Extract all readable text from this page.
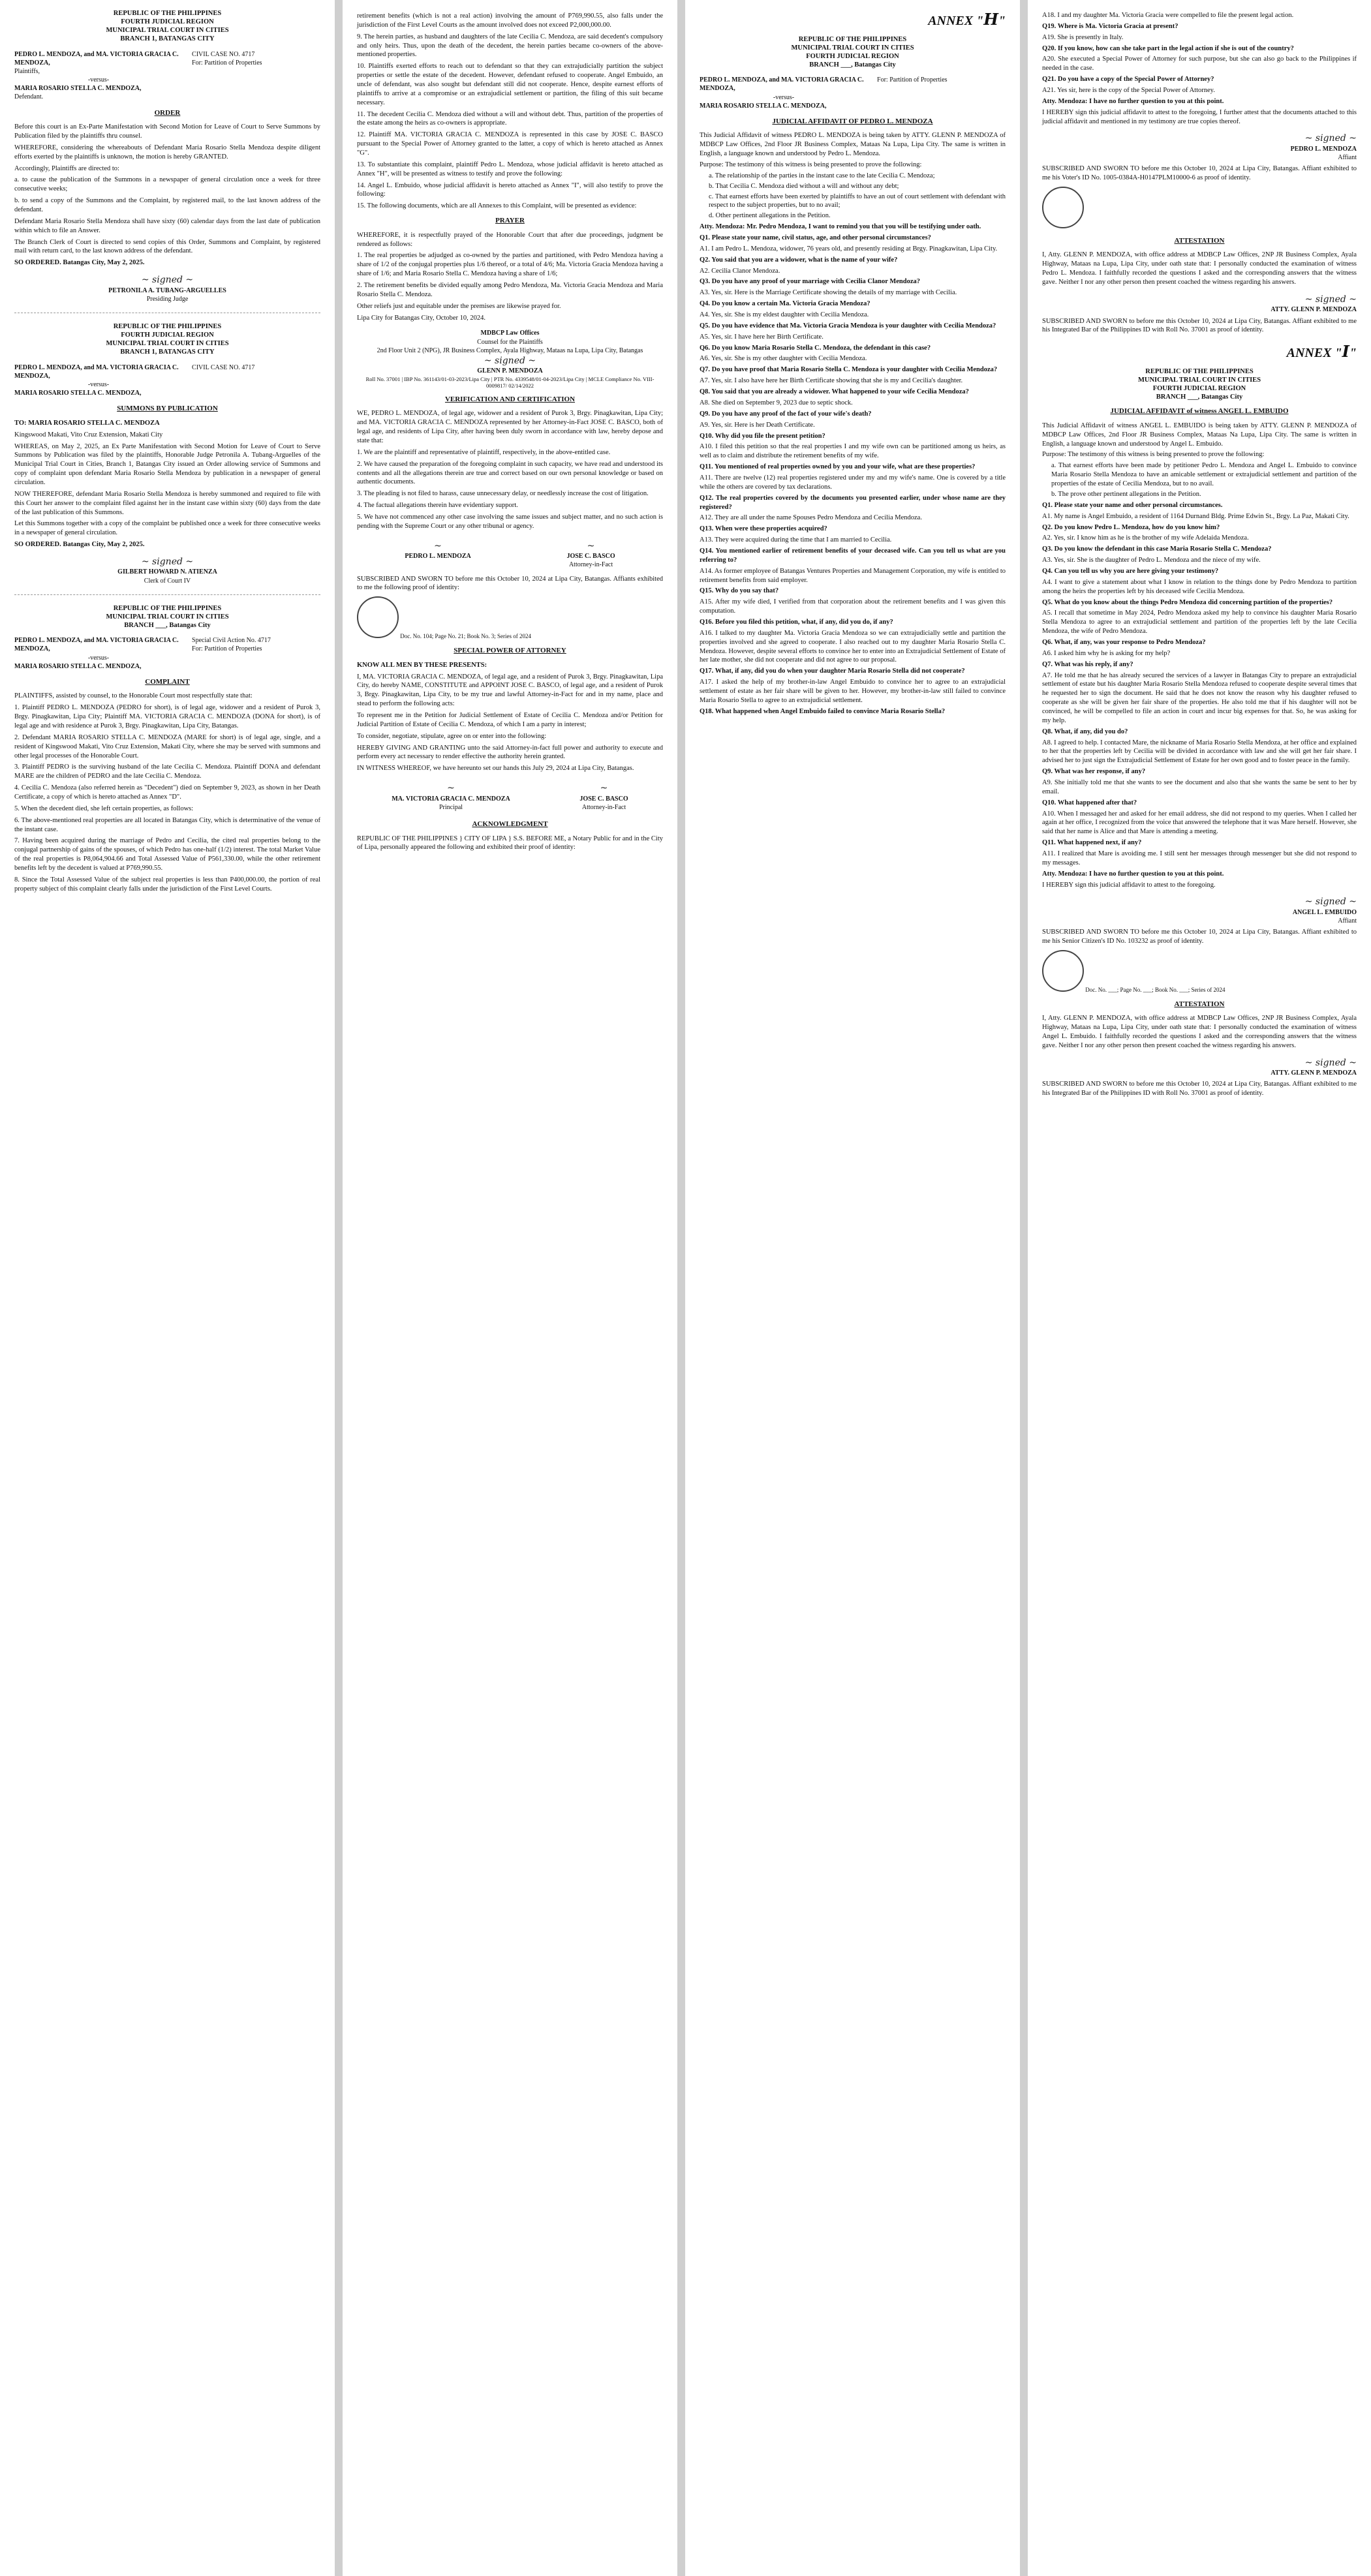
REPUBLIC OF THE PHILIPPINES
FOURTH JUDICIAL REGION
MUNICIPAL TRIAL COURT IN CITIES
BRANCH 1, BATANGAS CITY
PEDRO L. MENDOZA, and MA. VICTORIA GRACIA C. MENDOZA,
Plaintiffs,
-versus-
MARIA ROSARIO STELLA C. MENDOZA,
Defendant.
CIVIL CASE NO. 4717
For: Partition of Properties
ORDER

Before this court is an Ex-Parte Manifestation with Second Motion for Leave of Court to Serve Summons by Publication filed by the plaintiffs thru counsel.

WHEREFORE, considering the whereabouts of Defendant Maria Rosario Stella Mendoza despite diligent efforts exerted by the plaintiffs is unknown, the motion is hereby GRANTED.

Accordingly, Plaintiffs are directed to:

a. to cause the publication of the Summons in a newspaper of general circulation once a week for three consecutive weeks;

b. to send a copy of the Summons and the Complaint, by registered mail, to the last known address of the defendant.

Defendant Maria Rosario Stella Mendoza shall have sixty (60) calendar days from the last date of publication within which to file an Answer.

The Branch Clerk of Court is directed to send copies of this Order, Summons and Complaint, by registered mail with return card, to the last known address of the defendant.

SO ORDERED. Batangas City, May 2, 2025.

~ signed ~
PETRONILA A. TUBANG-ARGUELLES
Presiding Judge
REPUBLIC OF THE PHILIPPINES
FOURTH JUDICIAL REGION
MUNICIPAL TRIAL COURT IN CITIES
BRANCH 1, BATANGAS CITY
PEDRO L. MENDOZA, and MA. VICTORIA GRACIA C. MENDOZA,
-versus-
MARIA ROSARIO STELLA C. MENDOZA,
CIVIL CASE NO. 4717
SUMMONS BY PUBLICATION

TO: MARIA ROSARIO STELLA C. MENDOZA

Kingswood Makati, Vito Cruz Extension, Makati City

WHEREAS, on May 2, 2025, an Ex Parte Manifestation with Second Motion for Leave of Court to Serve Summons by Publication was filed by the plaintiffs, Honorable Judge Petronila A. Tubang-Arguelles of the Municipal Trial Court in Cities, Branch 1, Batangas City issued an Order allowing service of Summons and copy of complaint upon defendant Maria Rosario Stella Mendoza by publication in a newspaper of general circulation.

NOW THEREFORE, defendant Maria Rosario Stella Mendoza is hereby summoned and required to file with this Court her answer to the complaint filed against her in the instant case within sixty (60) days from the date of the last publication of this Summons.

Let this Summons together with a copy of the complaint be published once a week for three consecutive weeks in a newspaper of general circulation.

SO ORDERED. Batangas City, May 2, 2025.

~ signed ~
GILBERT HOWARD N. ATIENZA
Clerk of Court IV
REPUBLIC OF THE PHILIPPINES
MUNICIPAL TRIAL COURT IN CITIES
BRANCH ___, Batangas City
PEDRO L. MENDOZA, and MA. VICTORIA GRACIA C. MENDOZA,
-versus-
MARIA ROSARIO STELLA C. MENDOZA,
Special Civil Action No. 4717
For: Partition of Properties
COMPLAINT

PLAINTIFFS, assisted by counsel, to the Honorable Court most respectfully state that:

1. Plaintiff PEDRO L. MENDOZA (PEDRO for short), is of legal age, widower and a resident of Purok 3, Brgy. Pinagkawitan, Lipa City; Plaintiff MA. VICTORIA GRACIA C. MENDOZA (DONA for short), is of legal age and with residence at Purok 3, Brgy. Pinagkawitan, Lipa City, Batangas.

2. Defendant MARIA ROSARIO STELLA C. MENDOZA (MARE for short) is of legal age, single, and a resident of Kingswood Makati, Vito Cruz Extension, Makati City, where she may be served with summons and other legal processes of the Honorable Court.

3. Plaintiff PEDRO is the surviving husband of the late Cecilia C. Mendoza. Plaintiff DONA and defendant MARE are the children of PEDRO and the late Cecilia C. Mendoza.

4. Cecilia C. Mendoza (also referred herein as "Decedent") died on September 9, 2023, as shown in her Death Certificate, a copy of which is hereto attached as Annex "D".

5. When the decedent died, she left certain properties, as follows:

6. The above-mentioned real properties are all located in Batangas City, which is determinative of the venue of the instant case.

7. Having been acquired during the marriage of Pedro and Cecilia, the cited real properties belong to the conjugal partnership of gains of the spouses, of which Pedro has one-half (1/2) interest. The total Market Value of the real properties is P8,064,904.66 and Total Assessed Value of P561,330.00, while the other retirement benefits left by the decedent is valued at P769,990.55.

8. Since the Total Assessed Value of the subject real properties is less than P400,000.00, the portion of real property subject of this complaint clearly falls under the jurisdiction of the First Level Courts.

retirement benefits (which is not a real action) involving the amount of P769,990.55, also falls under the jurisdiction of the First Level Courts as the amount involved does not exceed P2,000,000.00.

9. The herein parties, as husband and daughters of the late Cecilia C. Mendoza, are said decedent's compulsory and only heirs. Thus, upon the death of the decedent, the herein parties became co-owners of the above-mentioned properties.

10. Plaintiffs exerted efforts to reach out to defendant so that they can extrajudicially partition the subject properties or settle the estate of the decedent. However, defendant refused to cooperate. Angel Embuido, an uncle of defendant, was also sought but defendant still did not cooperate. Hence, despite earnest efforts of plaintiffs to arrive at a compromise or an extrajudicial settlement or partition, the filing of this suit became necessary.

11. The decedent Cecilia C. Mendoza died without a will and without debt. Thus, partition of the properties of the estate among the heirs as co-owners is appropriate.

12. Plaintiff MA. VICTORIA GRACIA C. MENDOZA is represented in this case by JOSE C. BASCO pursuant to the Special Power of Attorney granted to the latter, a copy of which is hereto attached as Annex "G".

13. To substantiate this complaint, plaintiff Pedro L. Mendoza, whose judicial affidavit is hereto attached as Annex "H", will be presented as witness to testify and prove the following:

14. Angel L. Embuido, whose judicial affidavit is hereto attached as Annex "I", will also testify to prove the following:

15. The following documents, which are all Annexes to this Complaint, will be presented as evidence:

PRAYER

WHEREFORE, it is respectfully prayed of the Honorable Court that after due proceedings, judgment be rendered as follows:

1. The real properties be adjudged as co-owned by the parties and partitioned, with Pedro Mendoza having a share of 1/2 of the conjugal properties plus 1/6 thereof, or a total of 4/6; Ma. Victoria Gracia Mendoza having a share of 1/6; and Maria Rosario Stella C. Mendoza having a share of 1/6;

2. The retirement benefits be divided equally among Pedro Mendoza, Ma. Victoria Gracia Mendoza and Maria Rosario Stella C. Mendoza.

Other reliefs just and equitable under the premises are likewise prayed for.

Lipa City for Batangas City, October 10, 2024.

MDBCP Law Offices
Counsel for the Plaintiffs
2nd Floor Unit 2 (NPG), JR Business Complex, Ayala Highway, Mataas na Lupa, Lipa City, Batangas
~ signed ~
GLENN P. MENDOZA
Roll No. 37001 | IBP No. 361143/01-03-2023/Lipa City | PTR No. 4339548/01-04-2023/Lipa City | MCLE Compliance No. VIII-0009817/ 02/14/2022
VERIFICATION AND CERTIFICATION

WE, PEDRO L. MENDOZA, of legal age, widower and a resident of Purok 3, Brgy. Pinagkawitan, Lipa City; and MA. VICTORIA GRACIA C. MENDOZA represented by her Attorney-in-Fact JOSE C. BASCO, both of legal age, and residents of Lipa City, after having been duly sworn in accordance with law, hereby depose and state that:

1. We are the plaintiff and representative of plaintiff, respectively, in the above-entitled case.

2. We have caused the preparation of the foregoing complaint in such capacity, we have read and understood its contents and all the allegations therein are true and correct based on our own personal knowledge or based on authentic documents.

3. The pleading is not filed to harass, cause unnecessary delay, or needlessly increase the cost of litigation.

4. The factual allegations therein have evidentiary support.

5. We have not commenced any other case involving the same issues and subject matter, and no such action is pending with the Supreme Court or any other tribunal or agency.

~
PEDRO L. MENDOZA
~
JOSE C. BASCO
Attorney-in-Fact

SUBSCRIBED AND SWORN TO before me this October 10, 2024 at Lipa City, Batangas. Affiants exhibited to me the following proof of identity:

Doc. No. 104; Page No. 21; Book No. 3; Series of 2024
SPECIAL POWER OF ATTORNEY

KNOW ALL MEN BY THESE PRESENTS:

I, MA. VICTORIA GRACIA C. MENDOZA, of legal age, and a resident of Purok 3, Brgy. Pinagkawitan, Lipa City, do hereby NAME, CONSTITUTE and APPOINT JOSE C. BASCO, of legal age, and a resident of Purok 3, Brgy. Pinagkawitan, Lipa City, to be my true and lawful Attorney-in-Fact for and in my name, place and stead to perform the following acts:

To represent me in the Petition for Judicial Settlement of Estate of Cecilia C. Mendoza and/or Petition for Judicial Partition of Estate of Cecilia C. Mendoza, of which I am a party in interest;

To consider, negotiate, stipulate, agree on or enter into the following:

HEREBY GIVING AND GRANTING unto the said Attorney-in-fact full power and authority to execute and perform every act necessary to render effective the authority herein granted.

IN WITNESS WHEREOF, we have hereunto set our hands this July 29, 2024 at Lipa City, Batangas.

~
MA. VICTORIA GRACIA C. MENDOZA
Principal
~
JOSE C. BASCO
Attorney-in-Fact
ACKNOWLEDGMENT

REPUBLIC OF THE PHILIPPINES } CITY OF LIPA } S.S. BEFORE ME, a Notary Public for and in the City of Lipa, personally appeared the following and exhibited their proof of identity:

ANNEX "H"
REPUBLIC OF THE PHILIPPINES
MUNICIPAL TRIAL COURT IN CITIES
FOURTH JUDICIAL REGION
BRANCH ___, Batangas City
PEDRO L. MENDOZA, and MA. VICTORIA GRACIA C. MENDOZA,
-versus-
MARIA ROSARIO STELLA C. MENDOZA,
For: Partition of Properties
JUDICIAL AFFIDAVIT OF PEDRO L. MENDOZA

This Judicial Affidavit of witness PEDRO L. MENDOZA is being taken by ATTY. GLENN P. MENDOZA of MDBCP Law Offices, 2nd Floor JR Business Complex, Mataas Na Lupa, Lipa City. The same is written in English, a language known and understood by Pedro L. Mendoza.

Purpose: The testimony of this witness is being presented to prove the following:

a. The relationship of the parties in the instant case to the late Cecilia C. Mendoza;

b. That Cecilia C. Mendoza died without a will and without any debt;

c. That earnest efforts have been exerted by plaintiffs to have an out of court settlement with defendant with respect to the subject properties, but to no avail;

d. Other pertinent allegations in the Petition.

Atty. Mendoza: Mr. Pedro Mendoza, I want to remind you that you will be testifying under oath.

Q1. Please state your name, civil status, age, and other personal circumstances?

A1. I am Pedro L. Mendoza, widower, 76 years old, and presently residing at Brgy. Pinagkawitan, Lipa City.

Q2. You said that you are a widower, what is the name of your wife?

A2. Cecilia Clanor Mendoza.

Q3. Do you have any proof of your marriage with Cecilia Clanor Mendoza?

A3. Yes, sir. Here is the Marriage Certificate showing the details of my marriage with Cecilia.

Q4. Do you know a certain Ma. Victoria Gracia Mendoza?

A4. Yes, sir. She is my eldest daughter with Cecilia Mendoza.

Q5. Do you have evidence that Ma. Victoria Gracia Mendoza is your daughter with Cecilia Mendoza?

A5. Yes, sir. I have here her Birth Certificate.

Q6. Do you know Maria Rosario Stella C. Mendoza, the defendant in this case?

A6. Yes, sir. She is my other daughter with Cecilia Mendoza.

Q7. Do you have proof that Maria Rosario Stella C. Mendoza is your daughter with Cecilia Mendoza?

A7. Yes, sir. I also have here her Birth Certificate showing that she is my and Cecilia's daughter.

Q8. You said that you are already a widower. What happened to your wife Cecilia Mendoza?

A8. She died on September 9, 2023 due to septic shock.

Q9. Do you have any proof of the fact of your wife's death?

A9. Yes, sir. Here is her Death Certificate.

Q10. Why did you file the present petition?

A10. I filed this petition so that the real properties I and my wife own can be partitioned among us heirs, as well as to claim and distribute the retirement benefits of my wife.

Q11. You mentioned of real properties owned by you and your wife, what are these properties?

A11. There are twelve (12) real properties registered under my and my wife's name. One is covered by a title while the others are covered by tax declarations.

Q12. The real properties covered by the documents you presented earlier, under whose name are they registered?

A12. They are all under the name Spouses Pedro Mendoza and Cecilia Mendoza.

Q13. When were these properties acquired?

A13. They were acquired during the time that I am married to Cecilia.

Q14. You mentioned earlier of retirement benefits of your deceased wife. Can you tell us what are you referring to?

A14. As former employee of Batangas Ventures Properties and Management Corporation, my wife is entitled to retirement benefits from said employer.

Q15. Why do you say that?

A15. After my wife died, I verified from that corporation about the retirement benefits and I was given this computation.

Q16. Before you filed this petition, what, if any, did you do, if any?

A16. I talked to my daughter Ma. Victoria Gracia Mendoza so we can extrajudicially settle and partition the properties involved and she agreed to cooperate. I also reached out to my daughter Maria Rosario Stella C. Mendoza. However, despite several efforts to convince her to enter into an Extrajudicial Settlement of Estate of her late mother, she did not cooperate and did not agree to our proposal.

Q17. What, if any, did you do when your daughter Maria Rosario Stella did not cooperate?

A17. I asked the help of my brother-in-law Angel Embuido to convince her to agree to an extrajudicial settlement of estate as her fair share will be given to her. However, my brother-in-law still failed to convince Maria Rosario Stella to agree to an extrajudicial settlement.

Q18. What happened when Angel Embuido failed to convince Maria Rosario Stella?

A18. I and my daughter Ma. Victoria Gracia were compelled to file the present legal action.

Q19. Where is Ma. Victoria Gracia at present?

A19. She is presently in Italy.

Q20. If you know, how can she take part in the legal action if she is out of the country?

A20. She executed a Special Power of Attorney for such purpose, but she can also go back to the Philippines if needed in the case.

Q21. Do you have a copy of the Special Power of Attorney?

A21. Yes sir, here is the copy of the Special Power of Attorney.

Atty. Mendoza: I have no further question to you at this point.

I HEREBY sign this judicial affidavit to attest to the foregoing, I further attest that the documents attached to this judicial affidavit and mentioned in my testimony are true copies thereof.

~ signed ~
PEDRO L. MENDOZA
Affiant

SUBSCRIBED AND SWORN TO before me this October 10, 2024 at Lipa City, Batangas. Affiant exhibited to me his Voter's ID No. 1005-0384A-H0147PLM10000-6 as proof of identity.

ATTESTATION

I, Atty. GLENN P. MENDOZA, with office address at MDBCP Law Offices, 2NP JR Business Complex, Ayala Highway, Mataas na Lupa, Lipa City, under oath state that: I personally conducted the examination of witness Pedro L. Mendoza. I faithfully recorded the questions I asked and the corresponding answers that the witness gave. Neither I nor any other person then present coached the witness regarding his answers.

~ signed ~
ATTY. GLENN P. MENDOZA

SUBSCRIBED AND SWORN to before me this October 10, 2024 at Lipa City, Batangas. Affiant exhibited to me his Integrated Bar of the Philippines ID with Roll No. 37001 as proof of identity.

ANNEX "I"
REPUBLIC OF THE PHILIPPINES
MUNICIPAL TRIAL COURT IN CITIES
FOURTH JUDICIAL REGION
BRANCH ___, Batangas City
JUDICIAL AFFIDAVIT of witness ANGEL L. EMBUIDO

This Judicial Affidavit of witness ANGEL L. EMBUIDO is being taken by ATTY. GLENN P. MENDOZA of MDBCP Law Offices, 2nd Floor JR Business Complex, Mataas Na Lupa, Lipa City. The same is written in English, a language known and understood by Angel L. Embuido.

Purpose: The testimony of this witness is being presented to prove the following:

a. That earnest efforts have been made by petitioner Pedro L. Mendoza and Angel L. Embuido to convince Maria Rosario Stella Mendoza to have an amicable settlement or extrajudicial settlement and partition of the properties of the estate of Cecilia Mendoza, but to no avail.

b. The prove other pertinent allegations in the Petition.

Q1. Please state your name and other personal circumstances.

A1. My name is Angel Embuido, a resident of 1164 Durnand Bldg. Prime Edwin St., Brgy. La Paz, Makati City.

Q2. Do you know Pedro L. Mendoza, how do you know him?

A2. Yes, sir. I know him as he is the brother of my wife Adelaida Mendoza.

Q3. Do you know the defendant in this case Maria Rosario Stella C. Mendoza?

A3. Yes, sir. She is the daughter of Pedro L. Mendoza and the niece of my wife.

Q4. Can you tell us why you are here giving your testimony?

A4. I want to give a statement about what I know in relation to the things done by Pedro Mendoza to partition among the heirs the properties left by his deceased wife Cecilia Mendoza.

Q5. What do you know about the things Pedro Mendoza did concerning partition of the properties?

A5. I recall that sometime in May 2024, Pedro Mendoza asked my help to convince his daughter Maria Rosario Stella Mendoza to agree to an extrajudicial settlement and partition of the properties left by the late Cecilia Mendoza, the wife of Pedro Mendoza.

Q6. What, if any, was your response to Pedro Mendoza?

A6. I asked him why he is asking for my help?

Q7. What was his reply, if any?

A7. He told me that he has already secured the services of a lawyer in Batangas City to prepare an extrajudicial settlement of estate but his daughter Maria Rosario Stella Mendoza refused to cooperate despite several times that he requested her to sign the document. He said that he does not know the reason why his daughter refused to cooperate as she will be given her fair share of the properties. He also told me that if his daughter will not be convinced, he will be compelled to file an action in court and incur big expenses for that. So, he was asking for my help.

Q8. What, if any, did you do?

A8. I agreed to help. I contacted Mare, the nickname of Maria Rosario Stella Mendoza, at her office and explained to her that the properties left by Cecilia will be divided in accordance with law and she will get her fair share. I advised her to just sign the Extrajudicial Settlement of Estate for her own good and to foster peace in the family.

Q9. What was her response, if any?

A9. She initially told me that she wants to see the document and also that she wants the same be sent to her by email.

Q10. What happened after that?

A10. When I messaged her and asked for her email address, she did not respond to my queries. When I called her again at her office, I recognized from the voice that answered the telephone that it was Mare herself. However, she said that her name is Alice and that Mare is attending a meeting.

Q11. What happened next, if any?

A11. I realized that Mare is avoiding me. I still sent her messages through messenger but she did not respond to my messages.

Atty. Mendoza: I have no further question to you at this point.

I HEREBY sign this judicial affidavit to attest to the foregoing.

~ signed ~
ANGEL L. EMBUIDO
Affiant

SUBSCRIBED AND SWORN TO before me this October 10, 2024 at Lipa City, Batangas. Affiant exhibited to me his Senior Citizen's ID No. 103232 as proof of identity.

Doc. No. ___; Page No. ___; Book No. ___; Series of 2024
ATTESTATION

I, Atty. GLENN P. MENDOZA, with office address at MDBCP Law Offices, 2NP JR Business Complex, Ayala Highway, Mataas na Lupa, Lipa City, under oath state that: I personally conducted the examination of witness Angel L. Embuido. I faithfully recorded the questions I asked and the corresponding answers that the witness gave. Neither I nor any other person then present coached the witness regarding his answers.

~ signed ~
ATTY. GLENN P. MENDOZA

SUBSCRIBED AND SWORN to before me this October 10, 2024 at Lipa City, Batangas. Affiant exhibited to me his Integrated Bar of the Philippines ID with Roll No. 37001 as proof of identity.
